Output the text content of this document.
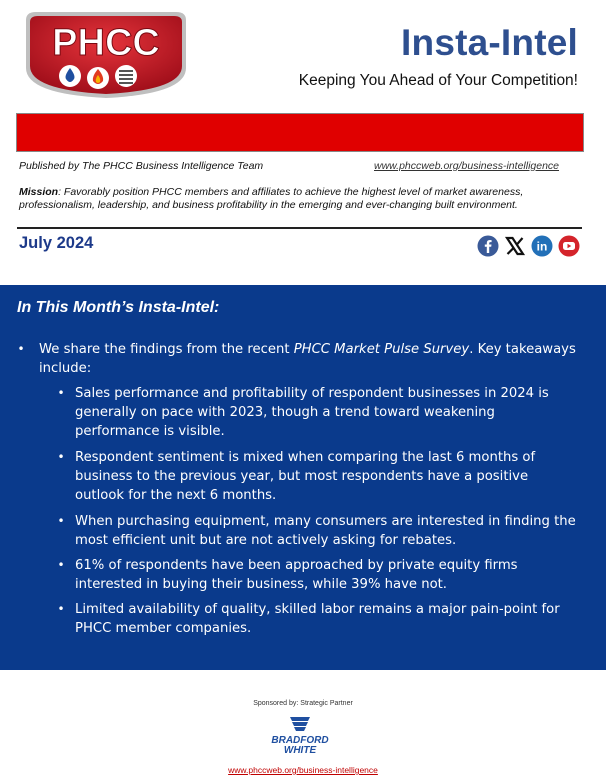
PHCC	Insta-Intel
Keeping You Ahead of Your Competition!
Published by The PHCC Business Intelligence Team	www.phccweb.org/business-intelligence
Mission: Favorably position PHCC members and affiliates to achieve the highest level of market awareness, professionalism, leadership, and business profitability in the emerging and ever-changing built environment.
July 2024	in
In This Month’s Insta-Intel:
• We share the findings from the recent PHCC Market Pulse Survey. Key takeaways include:
• Sales performance and profitability of respondent businesses in 2024 is generally on pace with 2023, though a trend toward weakening performance is visible.
• Respondent sentiment is mixed when comparing the last 6 months of business to the previous year, but most respondents have a positive outlook for the next 6 months.
• When purchasing equipment, many consumers are interested in finding the most efficient unit but are not actively asking for rebates.
• 61% of respondents have been approached by private equity firms interested in buying their business, while 39% have not.
• Limited availability of quality, skilled labor remains a major pain-point for PHCC member companies.
Sponsored by: Strategic Partner
BRADFORD
WHITE
www.phccweb.org/business-intelligence
